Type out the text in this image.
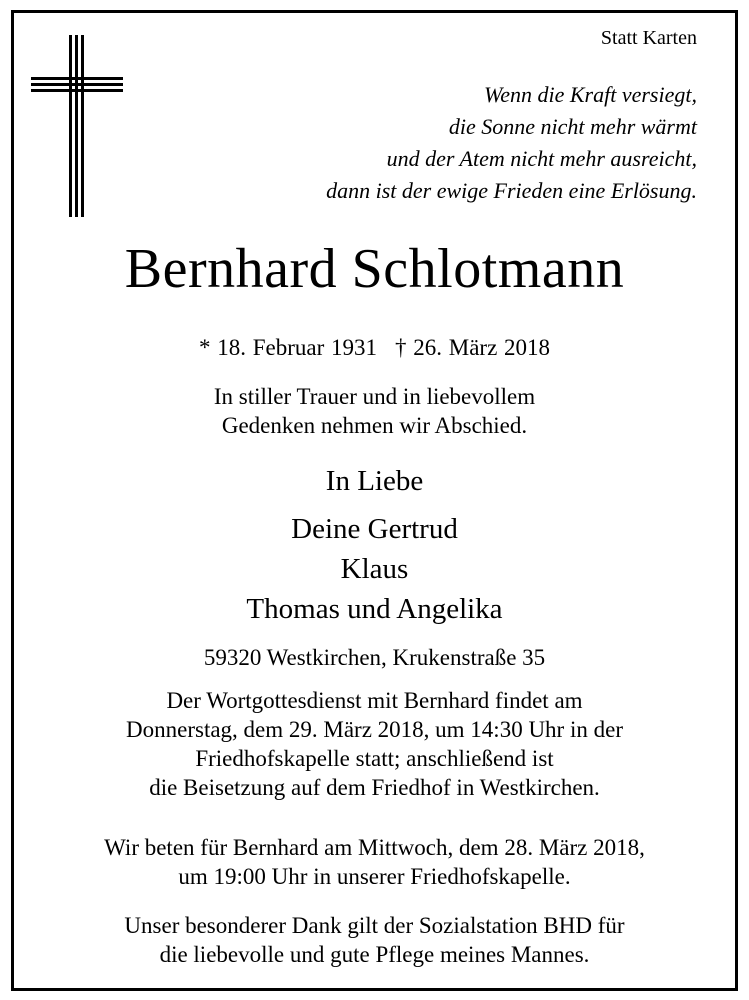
Statt Karten
Wenn die Kraft versiegt,
die Sonne nicht mehr wärmt
und der Atem nicht mehr ausreicht,
dann ist der ewige Frieden eine Erlösung.
Bernhard Schlotmann
* 18. Februar 1931 † 26. März 2018
In stiller Trauer und in liebevollem
Gedenken nehmen wir Abschied.
In Liebe
Deine Gertrud
Klaus
Thomas und Angelika
59320 Westkirchen, Krukenstraße 35
Der Wortgottesdienst mit Bernhard findet am
Donnerstag, dem 29. März 2018, um 14:30 Uhr in der
Friedhofskapelle statt; anschließend ist
die Beisetzung auf dem Friedhof in Westkirchen.
Wir beten für Bernhard am Mittwoch, dem 28. März 2018,
um 19:00 Uhr in unserer Friedhofskapelle.
Unser besonderer Dank gilt der Sozialstation BHD für
die liebevolle und gute Pflege meines Mannes.
